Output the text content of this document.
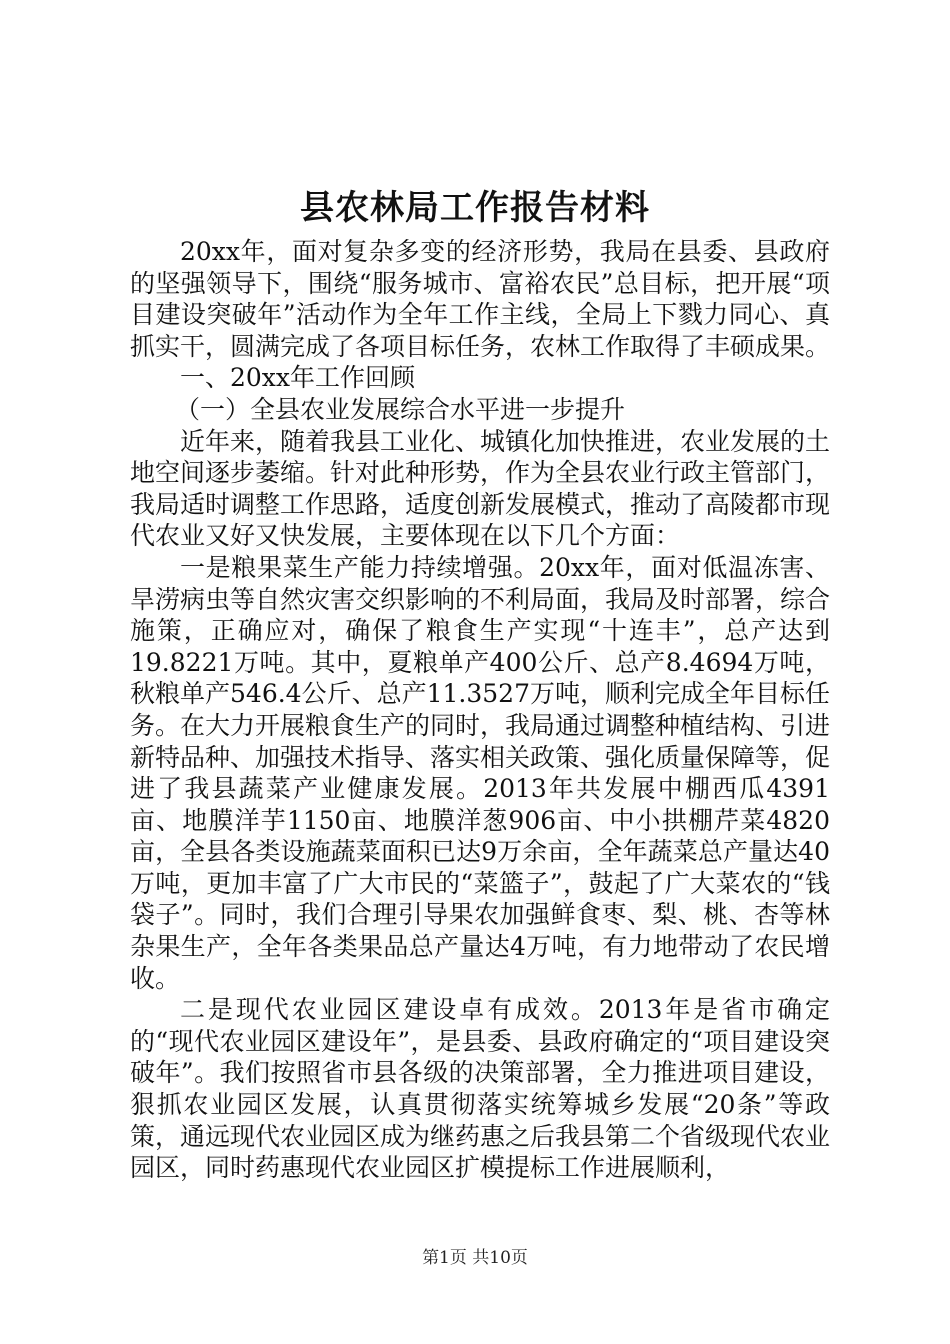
县农林局工作报告材料

20xx年，面对复杂多变的经济形势，我局在县委、县政府的坚强领导下，围绕“服务城市、富裕农民”总目标，把开展“项目建设突破年”活动作为全年工作主线，全局上下戮力同心、真抓实干，圆满完成了各项目标任务，农林工作取得了丰硕成果。

一、20xx年工作回顾

（一）全县农业发展综合水平进一步提升

近年来，随着我县工业化、城镇化加快推进，农业发展的土地空间逐步萎缩。针对此种形势，作为全县农业行政主管部门，我局适时调整工作思路，适度创新发展模式，推动了高陵都市现代农业又好又快发展，主要体现在以下几个方面：

一是粮果菜生产能力持续增强。20xx年，面对低温冻害、旱涝病虫等自然灾害交织影响的不利局面，我局及时部署，综合施策，正确应对，确保了粮食生产实现“十连丰”，总产达到19.8221万吨。其中，夏粮单产400公斤、总产8.4694万吨，秋粮单产546.4公斤、总产11.3527万吨，顺利完成全年目标任务。在大力开展粮食生产的同时，我局通过调整种植结构、引进新特品种、加强技术指导、落实相关政策、强化质量保障等，促进了我县蔬菜产业健康发展。2013年共发展中棚西瓜4391亩、地膜洋芋1150亩、地膜洋葱906亩、中小拱棚芹菜4820亩，全县各类设施蔬菜面积已达9万余亩，全年蔬菜总产量达40万吨，更加丰富了广大市民的“菜篮子”，鼓起了广大菜农的“钱袋子”。同时，我们合理引导果农加强鲜食枣、梨、桃、杏等林杂果生产，全年各类果品总产量达4万吨，有力地带动了农民增收。

二是现代农业园区建设卓有成效。2013年是省市确定的“现代农业园区建设年”，是县委、县政府确定的“项目建设突破年”。我们按照省市县各级的决策部署，全力推进项目建设，狠抓农业园区发展，认真贯彻落实统筹城乡发展“20条”等政策，通远现代农业园区成为继药惠之后我县第二个省级现代农业园区，同时药惠现代农业园区扩模提标工作进展顺利，

第1页 共10页
